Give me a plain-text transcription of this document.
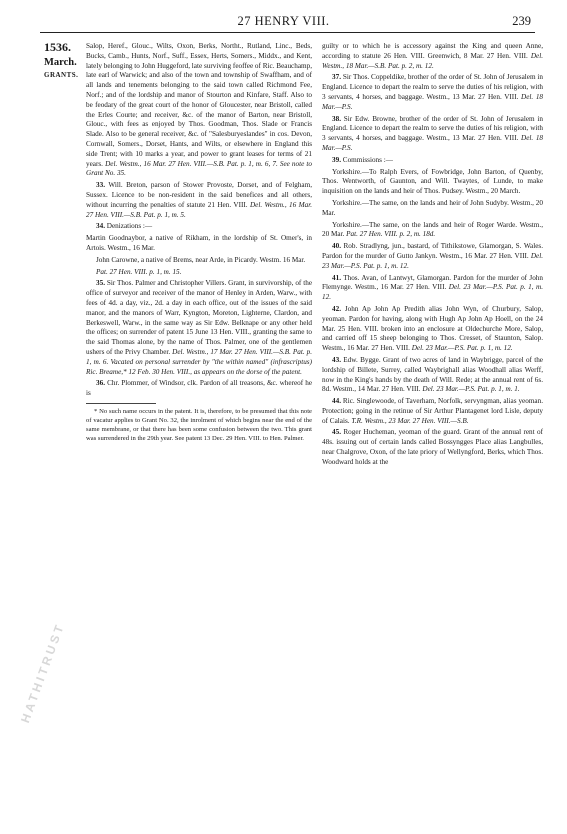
27 HENRY VIII.	239
1536.
March.
GRANTS.
HATHITRUST

Salop, Heref., Glouc., Wilts, Oxon, Berks, Northt., Rutland, Linc., Beds, Bucks, Camb., Hunts, Norf., Suff., Essex, Herts, Somers., Middx., and Kent, lately belonging to John Huggeford, late surviving feoffee of Ric. Beauchamp, late earl of Warwick; and also of the town and township of Swaffham, and of all lands and tenements belonging to the said town called Richmond Fee, Norf.; and of the lordship and manor of Stourton and Kinfare, Staff. Also to be feodary of the great court of the honor of Gloucester, near Bristoll, called the Erles Courte; and receiver, &c. of the manor of Barton, near Bristoll, Glouc., with fees as enjoyed by Thos. Goodman, Thos. Slade or Francis Slade. Also to be general receiver, &c. of "Salesburyeslandes" in cos. Devon, Cornwall, Somers., Dorset, Hants, and Wilts, or elsewhere in England this side Trent; with 10 marks a year, and power to grant leases for terms of 21 years. Del. Westm., 16 Mar. 27 Hen. VIII.—S.B. Pat. p. 1, m. 6, 7. See note to Grant No. 35.

33. Will. Breton, parson of Stower Provoste, Dorset, and of Felgham, Sussex. Licence to be non-resident in the said benefices and all others, without incurring the penalties of statute 21 Hen. VIII. Del. Westm., 16 Mar. 27 Hen. VIII.—S.B. Pat. p. 1, m. 5.

34. Denizations :—

Martin Goodnaybor, a native of Rikham, in the lordship of St. Omer's, in Artois. Westm., 16 Mar.

John Carowne, a native of Brems, near Arde, in Picardy. Westm. 16 Mar.

Pat. 27 Hen. VIII. p. 1, m. 15.

35. Sir Thos. Palmer and Christopher Villers. Grant, in survivorship, of the office of surveyor and receiver of the manor of Henley in Arden, Warw., with fees of 4d. a day, viz., 2d. a day in each office, out of the issues of the said manor, and the manors of Warr, Kyngton, Moreton, Lighterne, Clardon, and Berkeswell, Warw., in the same way as Sir Edw. Belknape or any other held the offices; on surrender of patent 15 June 13 Hen. VIII., granting the same to the said Thomas alone, by the name of Thos. Palmer, one of the gentlemen ushers of the Privy Chamber. Del. Westm., 17 Mar. 27 Hen. VIII.—S.B. Pat. p. 1, m. 6. Vacated on personal surrender by "the within named" (infrascriptus) Ric. Breame,* 12 Feb. 30 Hen. VIII., as appears on the dorse of the patent.

36. Chr. Plommer, of Windsor, clk. Pardon of all treasons, &c. whereof he is

* No such name occurs in the patent. It is, therefore, to be presumed that this note of vacatur applies to Grant No. 32, the inrolment of which begins near the end of the same membrane, or that there has been some confusion between the two. This grant was surrendered in the 29th year. See patent 13 Dec. 29 Hen. VIII. to Hen. Palmer.

guilty or to which he is accessory against the King and queen Anne, according to statute 26 Hen. VIII. Greenwich, 8 Mar. 27 Hen. VIII. Del. Westm., 18 Mar.—S.B. Pat. p. 2, m. 12.

37. Sir Thos. Coppeldike, brother of the order of St. John of Jerusalem in England. Licence to depart the realm to serve the duties of his religion, with 3 servants, 4 horses, and baggage. Westm., 13 Mar. 27 Hen. VIII. Del. 18 Mar.—P.S.

38. Sir Edw. Browne, brother of the order of St. John of Jerusalem in England. Licence to depart the realm to serve the duties of his religion, with 3 servants, 4 horses, and baggage. Westm., 13 Mar. 27 Hen. VIII. Del. 18 Mar.—P.S.

39. Commissions :—

Yorkshire.—To Ralph Evers, of Fowbridge, John Barton, of Quenby, Thos. Wentworth, of Gaunton, and Will. Twaytes, of Lunde, to make inquisition on the lands and heir of Thos. Pudsey. Westm., 20 March.

Yorkshire.—The same, on the lands and heir of John Sudyby. Westm., 20 Mar.

Yorkshire.—The same, on the lands and heir of Roger Warde. Westm., 20 Mar. Pat. 27 Hen. VIII. p. 2, m. 18d.

40. Rob. Stradlyng, jun., bastard, of Tithikstowe, Glamorgan, S. Wales. Pardon for the murder of Gutto Jankyn. Westm., 16 Mar. 27 Hen. VIII. Del. 23 Mar.—P.S. Pat. p. 1, m. 12.

41. Thos. Avan, of Lantwyt, Glamorgan. Pardon for the murder of John Flemynge. Westm., 16 Mar. 27 Hen. VIII. Del. 23 Mar.—P.S. Pat. p. 1, m. 12.

42. John Ap John Ap Predith alias John Wyn, of Churbury, Salop, yeoman. Pardon for having, along with Hugh Ap John Ap Hoell, on the 24 Mar. 25 Hen. VIII. broken into an enclosure at Oldechurche More, Salop, and carried off 15 sheep belonging to Thos. Cresset, of Staunton, Salop. Westm., 16 Mar. 27 Hen. VIII. Del. 23 Mar.—P.S. Pat. p. 1, m. 12.

43. Edw. Bygge. Grant of two acres of land in Waybrigge, parcel of the lordship of Billete, Surrey, called Waybrighall alias Woodhall alias Werff, now in the King's hands by the death of Will. Rede; at the annual rent of 6s. 8d. Westm., 14 Mar. 27 Hen. VIII. Del. 23 Mar.—P.S. Pat. p. 1, m. 1.

44. Ric. Singlewoode, of Taverham, Norfolk, servyngman, alias yeoman. Protection; going in the retinue of Sir Arthur Plantagenet lord Lisle, deputy of Calais. T.R. Westm., 23 Mar. 27 Hen. VIII.—S.B.

45. Roger Hucheman, yeoman of the guard. Grant of the annual rent of 48s. issuing out of certain lands called Bossyngges Place alias Langbulles, near Chalgrove, Oxon, of the late priory of Wellyngford, Berks, which Thos. Woodward holds at the
